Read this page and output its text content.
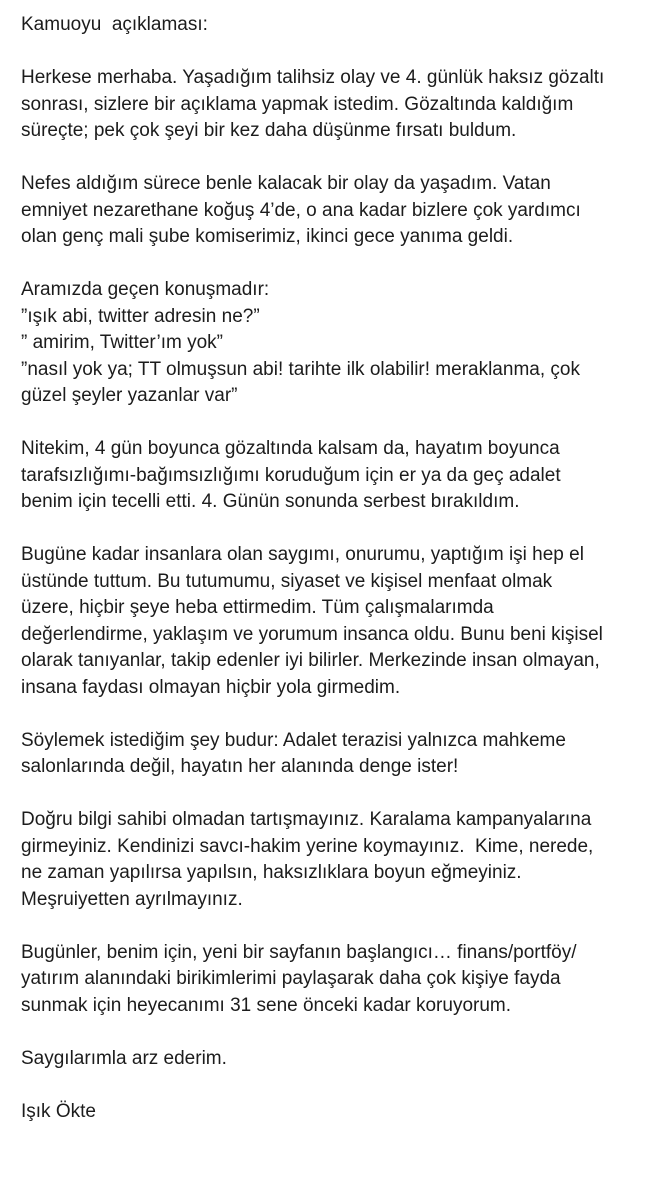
Kamuoyu  açıklaması:

Herkese merhaba. Yaşadığım talihsiz olay ve 4. günlük haksız gözaltı
sonrası, sizlere bir açıklama yapmak istedim. Gözaltında kaldığım
süreçte; pek çok şeyi bir kez daha düşünme fırsatı buldum.

Nefes aldığım sürece benle kalacak bir olay da yaşadım. Vatan
emniyet nezarethane koğuş 4’de, o ana kadar bizlere çok yardımcı
olan genç mali şube komiserimiz, ikinci gece yanıma geldi.

Aramızda geçen konuşmadır:
”ışık abi, twitter adresin ne?”
” amirim, Twitter’ım yok”
”nasıl yok ya; TT olmuşsun abi! tarihte ilk olabilir! meraklanma, çok
güzel şeyler yazanlar var”

Nitekim, 4 gün boyunca gözaltında kalsam da, hayatım boyunca
tarafsızlığımı-bağımsızlığımı koruduğum için er ya da geç adalet
benim için tecelli etti. 4. Günün sonunda serbest bırakıldım.

Bugüne kadar insanlara olan saygımı, onurumu, yaptığım işi hep el
üstünde tuttum. Bu tutumumu, siyaset ve kişisel menfaat olmak
üzere, hiçbir şeye heba ettirmedim. Tüm çalışmalarımda
değerlendirme, yaklaşım ve yorumum insanca oldu. Bunu beni kişisel
olarak tanıyanlar, takip edenler iyi bilirler. Merkezinde insan olmayan,
insana faydası olmayan hiçbir yola girmedim.

Söylemek istediğim şey budur: Adalet terazisi yalnızca mahkeme
salonlarında değil, hayatın her alanında denge ister!

Doğru bilgi sahibi olmadan tartışmayınız. Karalama kampanyalarına
girmeyiniz. Kendinizi savcı-hakim yerine koymayınız.  Kime, nerede,
ne zaman yapılırsa yapılsın, haksızlıklara boyun eğmeyiniz.
Meşruiyetten ayrılmayınız.

Bugünler, benim için, yeni bir sayfanın başlangıcı… finans/portföy/
yatırım alanındaki birikimlerimi paylaşarak daha çok kişiye fayda
sunmak için heyecanımı 31 sene önceki kadar koruyorum.

Saygılarımla arz ederim.

Işık Ökte
